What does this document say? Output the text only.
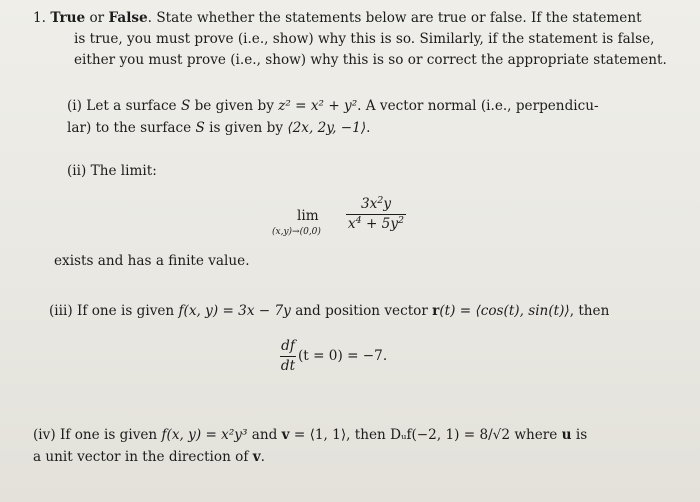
1. True or False. State whether the statements below are true or false. If the statement
is true, you must prove (i.e., show) why this is so. Similarly, if the statement is false,
either you must prove (i.e., show) why this is so or correct the appropriate statement.
(i) Let a surface S be given by z² = x² + y². A vector normal (i.e., perpendicu-
lar) to the surface S is given by ⟨2x, 2y, −1⟩.
(ii) The limit:
lim
(x,y)→(0,0)
$3x^2y$
$x^4 + 5y^2$
exists and has a finite value.
(iii) If one is given f(x, y) = 3x − 7y and position vector r(t) = ⟨cos(t), sin(t)⟩, then
df
dt
(t = 0) = −7.
(iv) If one is given f(x, y) = x²y³ and v = ⟨1, 1⟩, then Dᵤf(−2, 1) = 8/√2 where u is
a unit vector in the direction of v.
